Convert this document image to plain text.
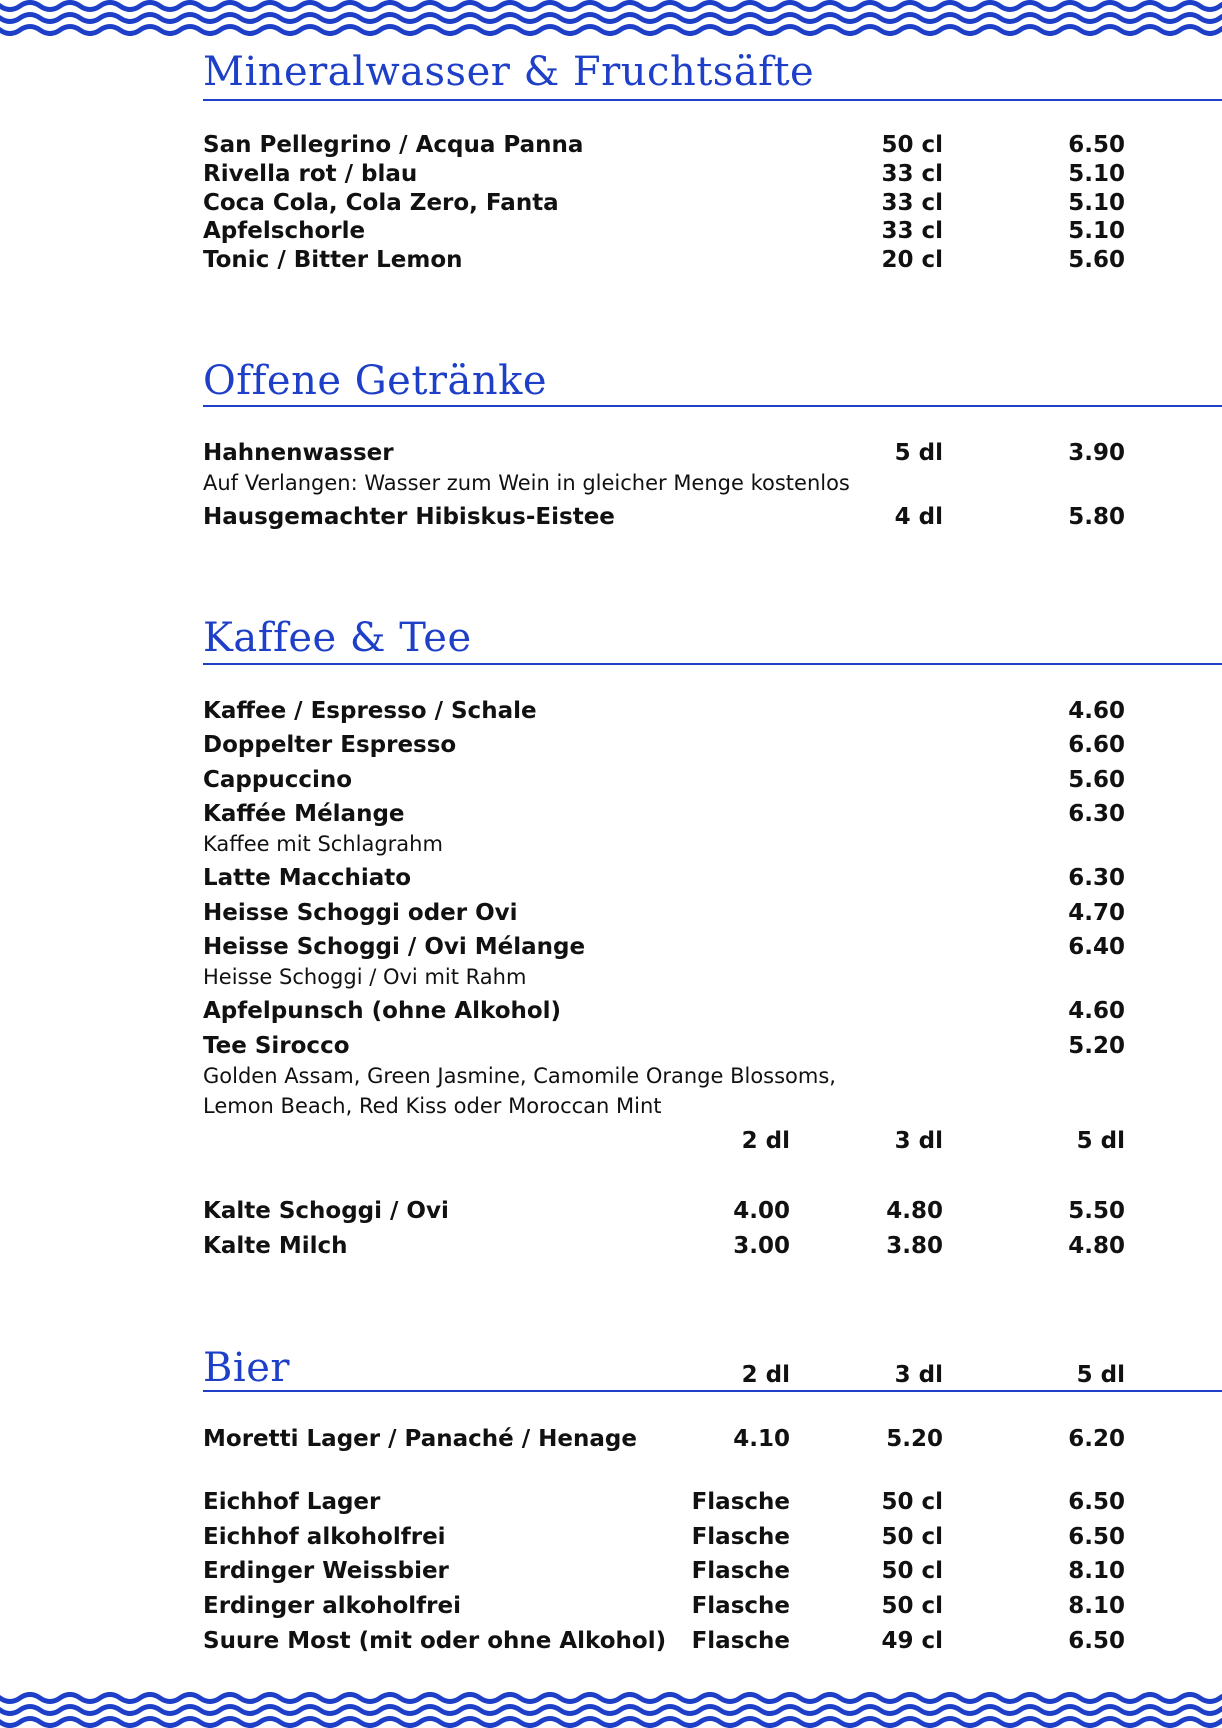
Mineralwasser & Fruchtsäfte
San Pellegrino / Acqua Panna	50 cl	6.50
Rivella rot / blau	33 cl	5.10
Coca Cola, Cola Zero, Fanta	33 cl	5.10
Apfelschorle	33 cl	5.10
Tonic / Bitter Lemon	20 cl	5.60
Offene Getränke
Hahnenwasser	5 dl	3.90
Auf Verlangen: Wasser zum Wein in gleicher Menge kostenlos
Hausgemachter Hibiskus-Eistee	4 dl	5.80
Kaffee & Tee
Kaffee / Espresso / Schale	4.60
Doppelter Espresso	6.60
Cappuccino	5.60
Kafféе Mélange	6.30
Kaffee mit Schlagrahm
Latte Macchiato	6.30
Heisse Schoggi oder Ovi	4.70
Heisse Schoggi / Ovi Mélange	6.40
Heisse Schoggi / Ovi mit Rahm
Apfelpunsch (ohne Alkohol)	4.60
Tee Sirocco	5.20
Golden Assam, Green Jasmine, Camomile Orange Blossoms,
Lemon Beach, Red Kiss oder Moroccan Mint
2 dl	3 dl	5 dl
Kalte Schoggi / Ovi	4.00	4.80	5.50
Kalte Milch	3.00	3.80	4.80
Bier	2 dl	3 dl	5 dl
Moretti Lager / Panaché / Henage	4.10	5.20	6.20
Eichhof Lager	Flasche	50 cl	6.50
Eichhof alkoholfrei	Flasche	50 cl	6.50
Erdinger Weissbier	Flasche	50 cl	8.10
Erdinger alkoholfrei	Flasche	50 cl	8.10
Suure Most (mit oder ohne Alkohol)	Flasche	49 cl	6.50
